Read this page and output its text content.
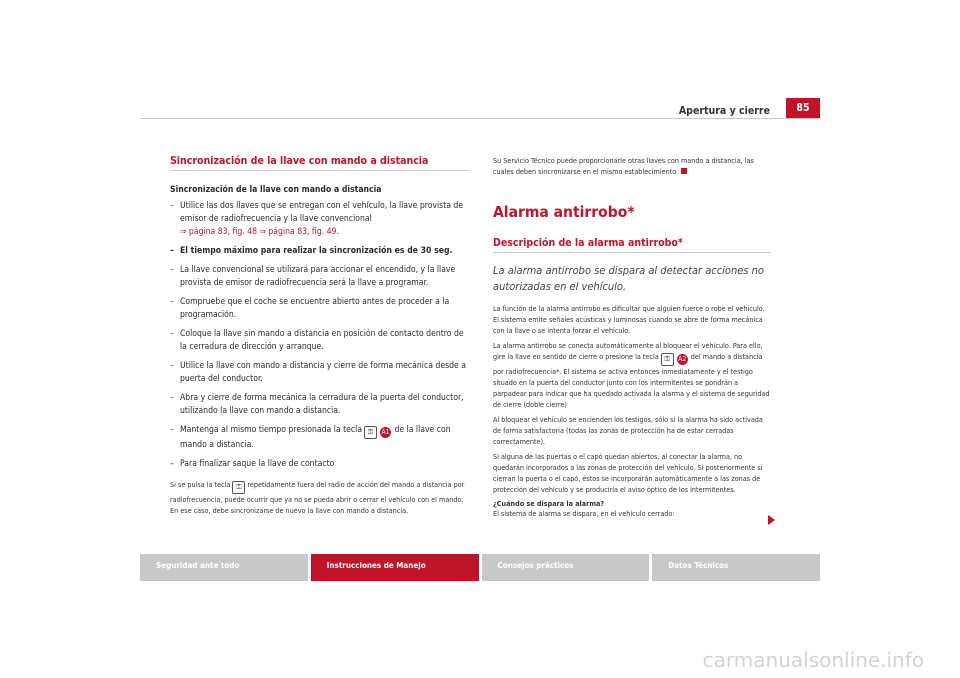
Apertura y cierre	85
Sincronización de la llave con mando a distancia
Sincronización de la llave con mando a distancia
– Utilice las dos llaves que se entregan con el vehículo, la llave provista de emisor de radiofrecuencia y la llave convencional
⇒ página 83, fig. 48 ⇒ página 83, fig. 49.
– El tiempo máximo para realizar la sincronización es de 30 seg.
– La llave convencional se utilizará para accionar el encendido, y la llave provista de emisor de radiofrecuencia será la llave a programar.
– Compruebe que el coche se encuentre abierto antes de proceder a la programación.
– Coloque la llave sin mando a distancia en posición de contacto dentro de la cerradura de dirección y arranque.
– Utilice la llave con mando a distancia y cierre de forma mecánica desde a puerta del conductor.
– Abra y cierre de forma mecánica la cerradura de la puerta del conductor, utilizando la llave con mando a distancia.
– Mantenga al mismo tiempo presionada la tecla ⚿ A1 de la llave con mando a distancia.
– Para finalizar saque la llave de contacto
Si se pulsa la tecla ⚿ repetidamente fuera del radio de acción del mando a distancia por radiofrecuencia, puede ocurrir que ya no se pueda abrir o cerrar el vehículo con el mando. En ese caso, debe sincronizarse de nuevo la llave con mando a distancia.

Su Servicio Técnico puede proporcionarle otras llaves con mando a distancia, las cuales deben sincronizarse en el mismo establecimiento.

Alarma antirrobo*
Descripción de la alarma antirrobo*

La alarma antirrobo se dispara al detectar acciones no autorizadas en el vehículo.

La función de la alarma antirrobo es dificultar que alguien fuerce o robe el vehículo. El sistema emite señales acústicas y luminosas cuando se abre de forma mecánica con la llave o se intenta forzar el vehículo.

La alarma antirrobo se conecta automáticamente al bloquear el vehículo. Para ello, gire la llave en sentido de cierre o presione la tecla ⚿ A2 del mando a distancia por radiofrecuencia*. El sistema se activa entonces inmediatamente y el testigo situado en la puerta del conductor junto con los intermitentes se pondrán a parpadear para indicar que ha quedado activada la alarma y el sistema de seguridad de cierre (doble cierre)

Al bloquear el vehículo se encienden los testigos, sólo si la alarma ha sido activada de forma satisfactoria (todas las zonas de protección ha de estar cerradas correctamente).

Si alguna de las puertas o el capó quedan abiertos, al conectar la alarma, no quedarán incorporados a las zonas de protección del vehículo. Si posteriormente si cierran la puerta o el capó, éstos se incorporarán automáticamente a las zonas de protección del vehículo y se produciría el aviso óptico de los intermitentes.

¿Cuándo se dispara la alarma?

El sistema de alarma se dispara, en el vehículo cerrado:

Seguridad ante todo	Instrucciones de Manejo	Consejos prácticos	Datos Técnicos
carmanualsonline.info
